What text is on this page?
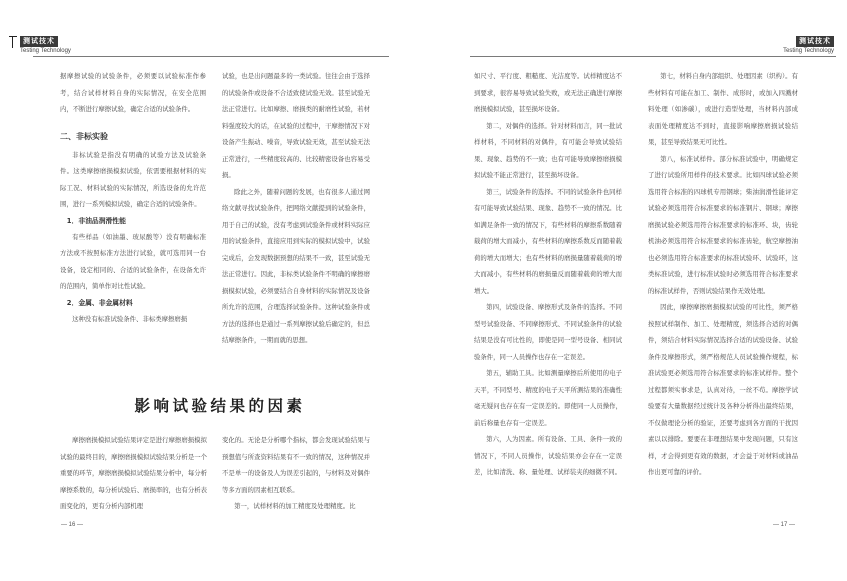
测试技术
Testing Technology
测试技术
Testing Technology

据摩擦试验的试验条件，必须要以试验标准作参考，结合试样材料自身的实际情况，在安全范围内，不断进行摩擦试验，确定合适的试验条件。

二、非标实验

非标试验是指没有明确的试验方法及试验条件。这类摩擦磨损模拟试验，依需要根据材料的实际工况、材料试验的实际情况，所选设备的允许范围，进行一系列模拟试验，确定合适的试验条件。

1．非油品润滑性能

有些样品（如油墨、玻尿酸等）没有明确标准方法或不按照标准方法进行试验，就可选用同一台设备，设定相同的、合适的试验条件，在设备允许的范围内，简单作对比性试验。

2．金属、非金属材料

这种没有标准试验条件、非标类摩擦磨损

试验，也是出问题最多的一类试验。往往会由于选择的试验条件或设备不合适致使试验无效。甚至试验无法正常进行。比如摩擦、磨损类的耐磨性试验，若材料强度较大的话，在试验的过程中，干摩擦情况下对设备产生振动、噪音，导致试验无效，甚至试验无法正常进行，一些精度较高的、比较精密设备也容易受损。

除此之外，随着问题的发展，也有很多人通过网络文献寻找试验条件，把网络文献提到的试验条件，用于自己的试验，没有考虑到试验条件或材料实际应用的试验条件，直接应用到实际的模拟试验中，试验完成后，会发现数据预想的结果不一致，甚至试验无法正常进行。因此，非标类试验条件不明确的摩擦磨损模拟试验，必须要结合自身材料的实际情况及设备所允许的范围，合理选择试验条件。这种试验条件或方法的选择也是通过一系列摩擦试验后确定的，但总结摩擦条件，一期而就的思想。

影响试验结果的因素

摩擦磨损模拟试验结果评定是进行摩擦磨损模拟试验的最终目的，摩擦磨损模拟试验结果分析是一个重要的环节，摩擦磨损模拟试验结果分析中，每分析摩擦系数的，每分析试验后、磨损率的，也有分析表面变化的，更有分析内部机理

变化的。无论是分析哪个指标，都会发现试验结果与预想值与所查资料结果有不一致的情况，这种情况并不是单一的设备及人为误差引起的，与材料及对偶件等多方面的因素相互联系。

第一，试样材料的加工精度及处理精度。比

如尺寸、平行度、粗糙度、光洁度等。试样精度达不到要求，很容易导致试验失败，或无法正确进行摩擦磨损模拟试验，甚至损坏设备。

第二，对偶件的选择。针对材料而言，同一批试样材料，不同材料的对偶件，有可能会导致试验结果、现象、趋势的不一致；也有可能导致摩擦磨损模拟试验不能正常进行，甚至损坏设备。

第三，试验条件的选择。不同的试验条件也同样有可能导致试验结果、现象、趋势不一致的情况。比如满足条件一致的情况下，有些材料的摩擦系数随着载荷的增大而减小，有些材料的摩擦系数反而随着载荷的增大而增大；也有些材料的磨损量随着载荷的增大而减小，有些材料的磨损量反而随着载荷的增大而增大。

第四，试验设备、摩擦形式及条件的选择。不同型号试验设备、不同摩擦形式、不同试验条件的试验结果是没有可比性的，即使是同一型号设备、相同试验条件，同一人员操作也存在一定误差。

第五，辅助工具。比如测量摩擦后所使用的电子天平，不同型号、精度的电子天平所测结果的准确性毫无疑问也存在有一定误差的。即使同一人员操作，前后称量也存有一定误差。

第六，人为因素。所有设备、工具、条件一致的情况下，不同人员操作，试验结果亦会存在一定误差，比如清洗、称、量处理、试样装夹的细微不同。

第七，材料自身内部组织、处理因素（织构）。有些材料有可能在加工、制作、成形时，或加入四溅材料处理（如渗碳），或进行造型处理，当材料内部成表面处理精度达不到时，直接影响摩擦磨损试验结果，甚至导致结果无可比性。

第八，标准试样件。部分标准试验中，明确规定了进行试验所用样件的技术要求。比如四球试验必须选用符合标准的四球机专用钢球；柴油润滑性能评定试验必须选用符合标准要求的标准钢片、钢球；摩擦磨损试验必须选用符合标准要求的标准环、块，齿轮机油必须选用符合标准要求的标准齿轮，航空摩擦油也必须选用符合标准要求的标准试验环、试验环，这类标准试验，进行标准试验时必须选用符合标准要求的标准试样件，否则试验结果作无效处理。

因此，摩擦摩擦磨损模拟试验的可比性，须严格按照试样制作、加工、处理精度，须选择合适的对偶件，须结合材料实际情况选择合适的试验设备、试验条件及摩擦形式，须严格规范人员试验操作规程，标准试验更必须选用符合标准要求的标准试样件。整个过程都须实事求是，认真对待，一丝不苟。摩擦学试验要有大量数据经过统计及各种分析得出最终结果，不仅做理论分析的验证，还要考虑到各方面的干扰因素以以排除。要要在非理想结果中发现问题，只有这样，才会得到更有效的数据，才会益于对材料或油品作出更可靠的评价。

— 16 —	— 17 —
